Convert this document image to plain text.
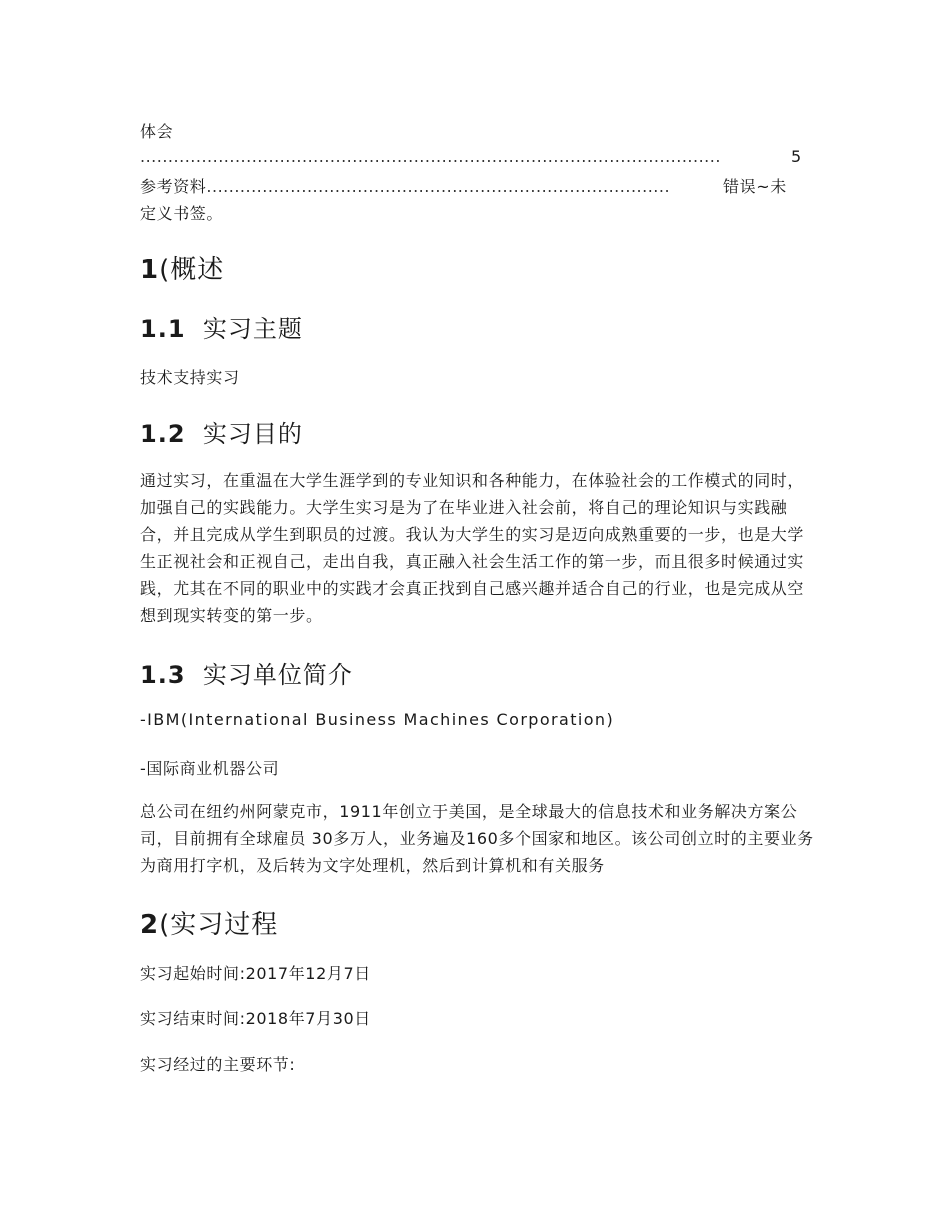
体会

........................................................................................................	5

参考资料...................................................................................	错误~未

定义书签。

1(概述
1.1 实习主题

技术支持实习

1.2 实习目的

通过实习，在重温在大学生涯学到的专业知识和各种能力，在体验社会的工作模式的同时，加强自己的实践能力。大学生实习是为了在毕业进入社会前，将自己的理论知识与实践融合，并且完成从学生到职员的过渡。我认为大学生的实习是迈向成熟重要的一步，也是大学生正视社会和正视自己，走出自我，真正融入社会生活工作的第一步，而且很多时候通过实践，尤其在不同的职业中的实践才会真正找到自己感兴趣并适合自己的行业，也是完成从空想到现实转变的第一步。

1.3 实习单位简介

-IBM(International Business Machines Corporation)

-国际商业机器公司

总公司在纽约州阿蒙克市，1911年创立于美国，是全球最大的信息技术和业务解决方案公司，目前拥有全球雇员 30多万人，业务遍及160多个国家和地区。该公司创立时的主要业务为商用打字机，及后转为文字处理机，然后到计算机和有关服务

2(实习过程

实习起始时间:2017年12月7日

实习结束时间:2018年7月30日

实习经过的主要环节:
